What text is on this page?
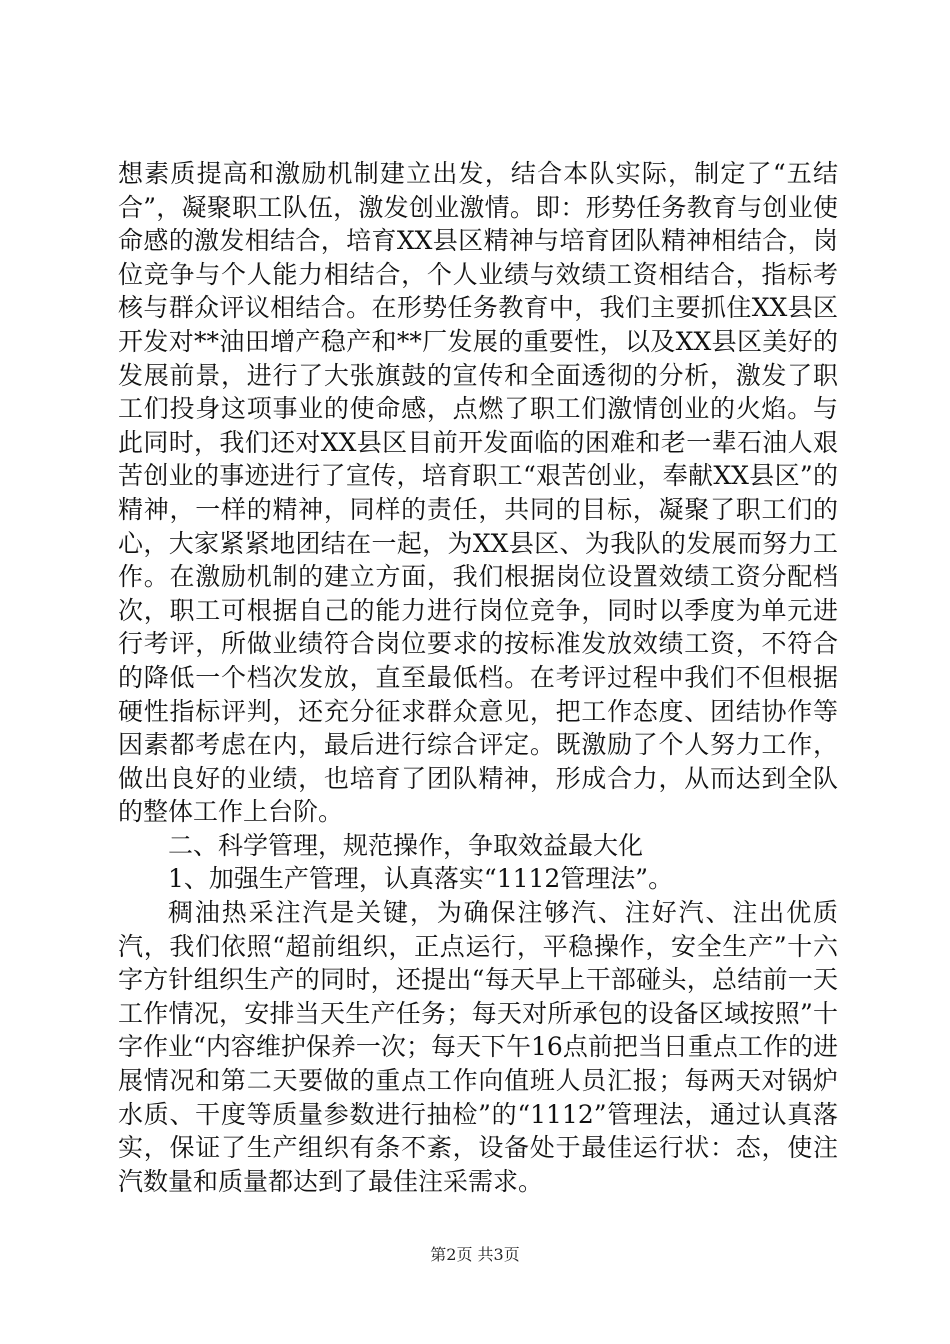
想素质提高和激励机制建立出发，结合本队实际，制定了“五结合”，凝聚职工队伍，激发创业激情。即：形势任务教育与创业使命感的激发相结合，培育XX县区精神与培育团队精神相结合，岗位竞争与个人能力相结合，个人业绩与效绩工资相结合，指标考核与群众评议相结合。在形势任务教育中，我们主要抓住XX县区开发对**油田增产稳产和**厂发展的重要性，以及XX县区美好的发展前景，进行了大张旗鼓的宣传和全面透彻的分析，激发了职工们投身这项事业的使命感，点燃了职工们激情创业的火焰。与此同时，我们还对XX县区目前开发面临的困难和老一辈石油人艰苦创业的事迹进行了宣传，培育职工“艰苦创业，奉献XX县区”的精神，一样的精神，同样的责任，共同的目标，凝聚了职工们的心，大家紧紧地团结在一起，为XX县区、为我队的发展而努力工作。在激励机制的建立方面，我们根据岗位设置效绩工资分配档次，职工可根据自己的能力进行岗位竞争，同时以季度为单元进行考评，所做业绩符合岗位要求的按标准发放效绩工资，不符合的降低一个档次发放，直至最低档。在考评过程中我们不但根据硬性指标评判，还充分征求群众意见，把工作态度、团结协作等因素都考虑在内，最后进行综合评定。既激励了个人努力工作，做出良好的业绩，也培育了团队精神，形成合力，从而达到全队的整体工作上台阶。

二、科学管理，规范操作，争取效益最大化

1、加强生产管理，认真落实“1112管理法”。

稠油热采注汽是关键，为确保注够汽、注好汽、注出优质汽，我们依照“超前组织，正点运行，平稳操作，安全生产”十六字方针组织生产的同时，还提出“每天早上干部碰头，总结前一天工作情况，安排当天生产任务；每天对所承包的设备区域按照”十字作业“内容维护保养一次；每天下午16点前把当日重点工作的进展情况和第二天要做的重点工作向值班人员汇报；每两天对锅炉水质、干度等质量参数进行抽检”的“1112”管理法，通过认真落实，保证了生产组织有条不紊，设备处于最佳运行状：态，使注汽数量和质量都达到了最佳注采需求。

第2页 共3页
